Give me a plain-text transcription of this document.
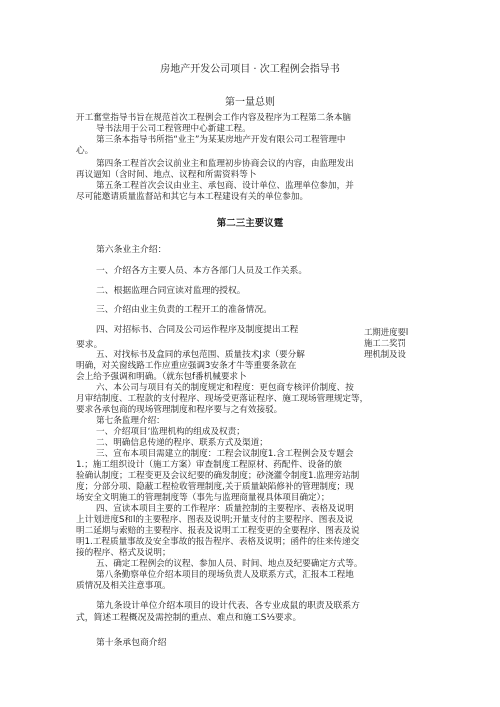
房地产开发公司项目 · 次工程例会指导书
第一量总则
开工奮堂指导书旨在规范首次工程例会工作内容及程序为工程第二条本脑
导书法用于公司工程管理中心新建工程。
第三条本指导书所指“业主”为某某房地产开发有限公司工程管理中
心。
第四条工程首次会议前业主和监理初步协商会议的内容，由监理发出
再议逼知（含时间、地点、议程和所需资料等卜
第五条工程首次会议由业主、承包商、设计单位、监理单位参加，并
尽可能邀请质量监督站和其它与本工程建设有关的单位参加。
第二三主要议霆
第六条业主介绍：
一、介绍各方主要人员、本方各部门人员及工作关系。
二、根据监理合同宣读对监理的授权。
三、介绍由业主负责的工程开工的准备情况。
四、对招标书、合同及公司运作程序及制度提出工程
要求。
工期进度要l
施工二奖罚
理机制及设
五、对找标书及盒同的承包范围、质量技术J求（要分解
明确，对关窗线路工作应重应强调3安条才牛等重要条款在
会上给予强调和明确。（就东包f番机械要求卜
六、本公司与项目有关的制度规定和程度：更包商专核评价制度、按
月审结制度、工程款的支付程序、现场受更落证程序、施工现场管理规定等，
要求各承包商的现场管理制度和程序要与之有效接驳。
第七条监理介绍：
一、介绍项目‘监理机构的组成及权责；
二、明确信息传递的程序、联系方式及渠道；
三、宣布本项目需建立的制度：工程会议制度1.含工程例会及专题会
1.；施工组织设计（施工方案）审查制度工程原材、药配件、设备的旅
验确认制度；工程变更及会议纪要的确发制度；砂浇灌令制度1.监理旁站制
度；分部分项、隐蔽工程检收管理制度,关于质量缺陷修补的管理制度；现
场安全文明施工的管理制度等（事先与监理商量视具体项目确定）；
四、宣读本项目主要的工作程序：质量控制的主要程序、表格及说明
上计划进度S和l的主要程序、图表及说明;开量支付的主要程序、图表及说
明二延期与索赔的主要程序、报表及说明工工程变更的全要程序、图表及说
明1.工程质量事故及安全事故的报告程序、表格及说明；函件的往来传递交
接的程序、格式及说明；
五、确定工程例会的议程、参加人员、时间、地点及纪要确定方式等。
第八条勤察单位介绍本项目的现场负责人及联系方式，汇报本工程地
质情况及相关注意事项。
第九条设计单位介绍本项目的设计代表、各专业成鼠的职责及联系方
式，简述工程概况及需控制的重点、难点和施工S⅓要求。
第十条承包商介绍
